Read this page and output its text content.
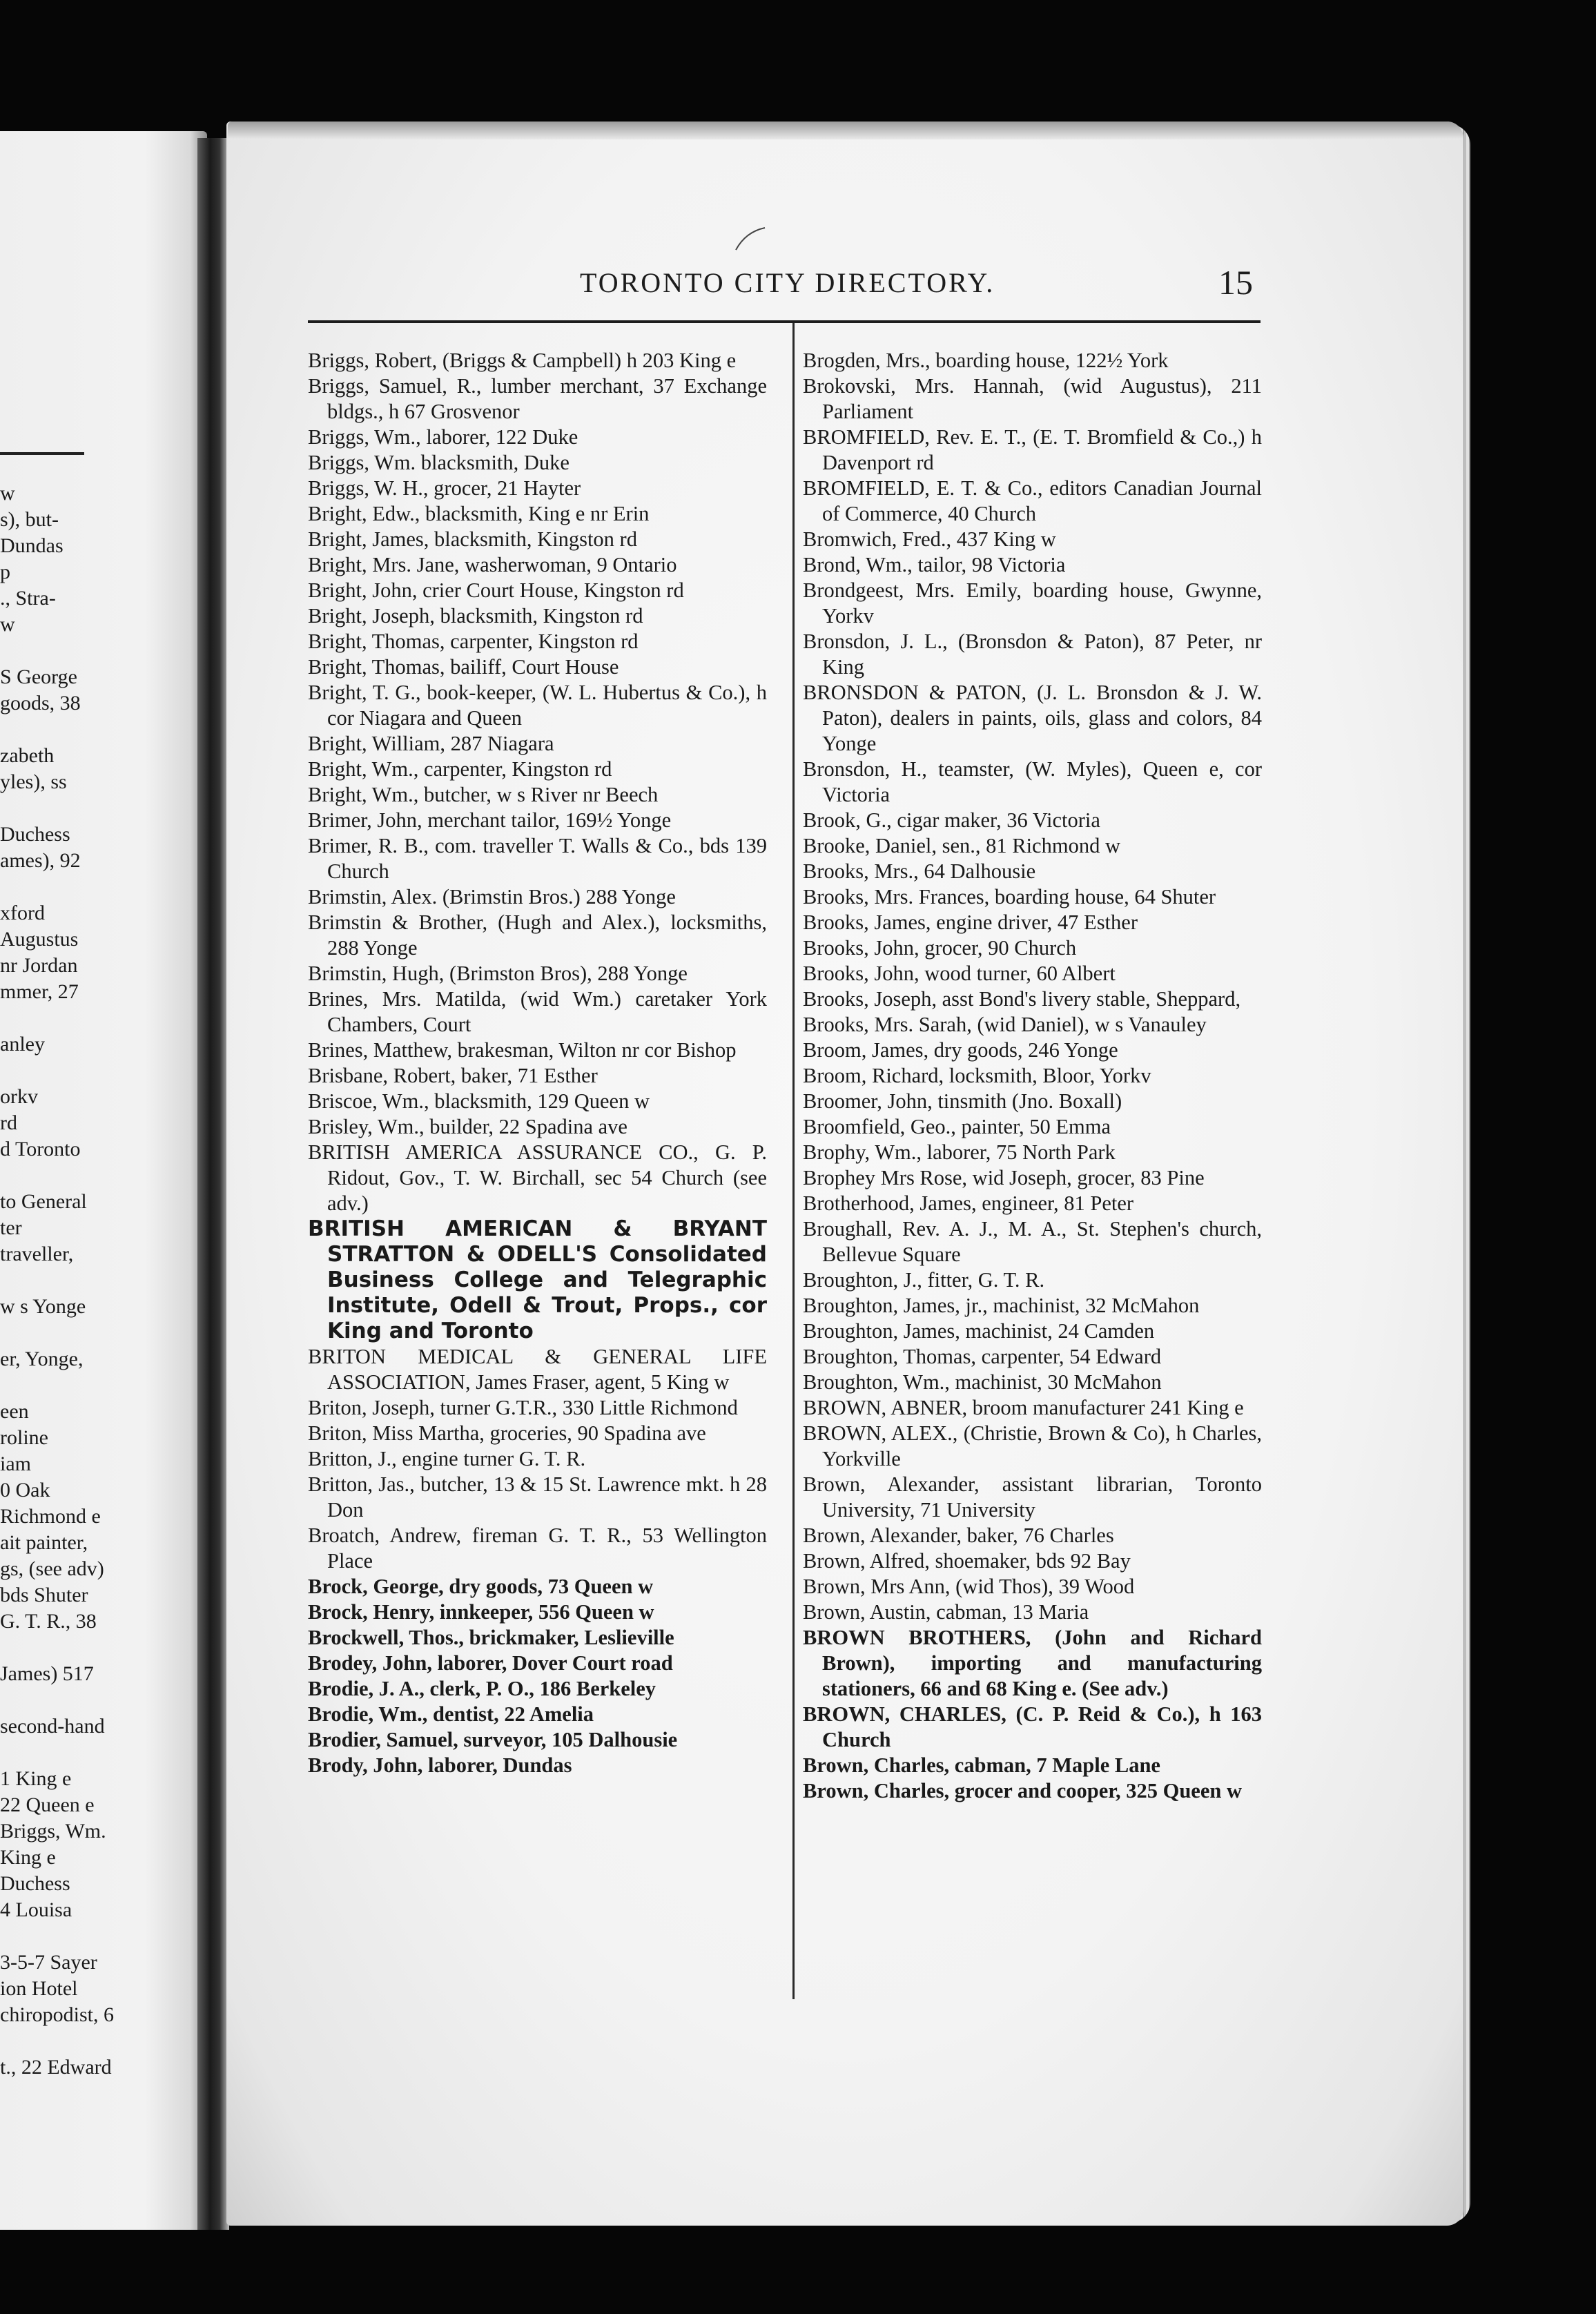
w
s), but-
Dundas
p
., Stra-
w
S George
goods, 38
zabeth
yles), ss
Duchess
ames), 92
xford
Augustus
nr Jordan
mmer, 27
anley
orkv
rd
d Toronto
to General
ter
traveller,
w s Yonge
er, Yonge,
een
roline
iam
0 Oak
Richmond e
ait painter,
gs, (see adv)
bds Shuter
G. T. R., 38
James) 517
second-hand
1 King e
22 Queen e
Briggs, Wm.
King e
Duchess
4 Louisa
3-5-7 Sayer
ion Hotel
chiropodist, 6
t., 22 Edward
TORONTO CITY DIRECTORY.	15

Briggs, Robert, (Briggs & Campbell) h 203 King e

Briggs, Samuel, R., lumber merchant, 37 Exchange bldgs., h 67 Grosvenor

Briggs, Wm., laborer, 122 Duke

Briggs, Wm. blacksmith, Duke

Briggs, W. H., grocer, 21 Hayter

Bright, Edw., blacksmith, King e nr Erin

Bright, James, blacksmith, Kingston rd

Bright, Mrs. Jane, washerwoman, 9 Ontario

Bright, John, crier Court House, Kingston rd

Bright, Joseph, blacksmith, Kingston rd

Bright, Thomas, carpenter, Kingston rd

Bright, Thomas, bailiff, Court House

Bright, T. G., book-keeper, (W. L. Hubertus & Co.), h cor Niagara and Queen

Bright, William, 287 Niagara

Bright, Wm., carpenter, Kingston rd

Bright, Wm., butcher, w s River nr Beech

Brimer, John, merchant tailor, 169½ Yonge

Brimer, R. B., com. traveller T. Walls & Co., bds 139 Church

Brimstin, Alex. (Brimstin Bros.) 288 Yonge

Brimstin & Brother, (Hugh and Alex.), locksmiths, 288 Yonge

Brimstin, Hugh, (Brimston Bros), 288 Yonge

Brines, Mrs. Matilda, (wid Wm.) caretaker York Chambers, Court

Brines, Matthew, brakesman, Wilton nr cor Bishop

Brisbane, Robert, baker, 71 Esther

Briscoe, Wm., blacksmith, 129 Queen w

Brisley, Wm., builder, 22 Spadina ave

BRITISH AMERICA ASSURANCE CO., G. P. Ridout, Gov., T. W. Birchall, sec 54 Church (see adv.)

BRITISH AMERICAN & BRYANT STRATTON & ODELL'S Consolidated Business College and Telegraphic Institute, Odell & Trout, Props., cor King and Toronto

BRITON MEDICAL & GENERAL LIFE ASSOCIATION, James Fraser, agent, 5 King w

Briton, Joseph, turner G.T.R., 330 Little Richmond

Briton, Miss Martha, groceries, 90 Spadina ave

Britton, J., engine turner G. T. R.

Britton, Jas., butcher, 13 & 15 St. Lawrence mkt. h 28 Don

Broatch, Andrew, fireman G. T. R., 53 Wellington Place

Brock, George, dry goods, 73 Queen w

Brock, Henry, innkeeper, 556 Queen w

Brockwell, Thos., brickmaker, Leslieville

Brodey, John, laborer, Dover Court road

Brodie, J. A., clerk, P. O., 186 Berkeley

Brodie, Wm., dentist, 22 Amelia

Brodier, Samuel, surveyor, 105 Dalhousie

Brody, John, laborer, Dundas

Brogden, Mrs., boarding house, 122½ York

Brokovski, Mrs. Hannah, (wid Augustus), 211 Parliament

BROMFIELD, Rev. E. T., (E. T. Bromfield & Co.,) h Davenport rd

BROMFIELD, E. T. & Co., editors Canadian Journal of Commerce, 40 Church

Bromwich, Fred., 437 King w

Brond, Wm., tailor, 98 Victoria

Brondgeest, Mrs. Emily, boarding house, Gwynne, Yorkv

Bronsdon, J. L., (Bronsdon & Paton), 87 Peter, nr King

BRONSDON & PATON, (J. L. Bronsdon & J. W. Paton), dealers in paints, oils, glass and colors, 84 Yonge

Bronsdon, H., teamster, (W. Myles), Queen e, cor Victoria

Brook, G., cigar maker, 36 Victoria

Brooke, Daniel, sen., 81 Richmond w

Brooks, Mrs., 64 Dalhousie

Brooks, Mrs. Frances, boarding house, 64 Shuter

Brooks, James, engine driver, 47 Esther

Brooks, John, grocer, 90 Church

Brooks, John, wood turner, 60 Albert

Brooks, Joseph, asst Bond's livery stable, Sheppard,

Brooks, Mrs. Sarah, (wid Daniel), w s Vanauley

Broom, James, dry goods, 246 Yonge

Broom, Richard, locksmith, Bloor, Yorkv

Broomer, John, tinsmith (Jno. Boxall)

Broomfield, Geo., painter, 50 Emma

Brophy, Wm., laborer, 75 North Park

Brophey Mrs Rose, wid Joseph, grocer, 83 Pine

Brotherhood, James, engineer, 81 Peter

Broughall, Rev. A. J., M. A., St. Stephen's church, Bellevue Square

Broughton, J., fitter, G. T. R.

Broughton, James, jr., machinist, 32 McMahon

Broughton, James, machinist, 24 Camden

Broughton, Thomas, carpenter, 54 Edward

Broughton, Wm., machinist, 30 McMahon

BROWN, ABNER, broom manufacturer 241 King e

BROWN, ALEX., (Christie, Brown & Co), h Charles, Yorkville

Brown, Alexander, assistant librarian, Toronto University, 71 University

Brown, Alexander, baker, 76 Charles

Brown, Alfred, shoemaker, bds 92 Bay

Brown, Mrs Ann, (wid Thos), 39 Wood

Brown, Austin, cabman, 13 Maria

BROWN BROTHERS, (John and Richard Brown), importing and manufacturing stationers, 66 and 68 King e. (See adv.)

BROWN, CHARLES, (C. P. Reid & Co.), h 163 Church

Brown, Charles, cabman, 7 Maple Lane

Brown, Charles, grocer and cooper, 325 Queen w
